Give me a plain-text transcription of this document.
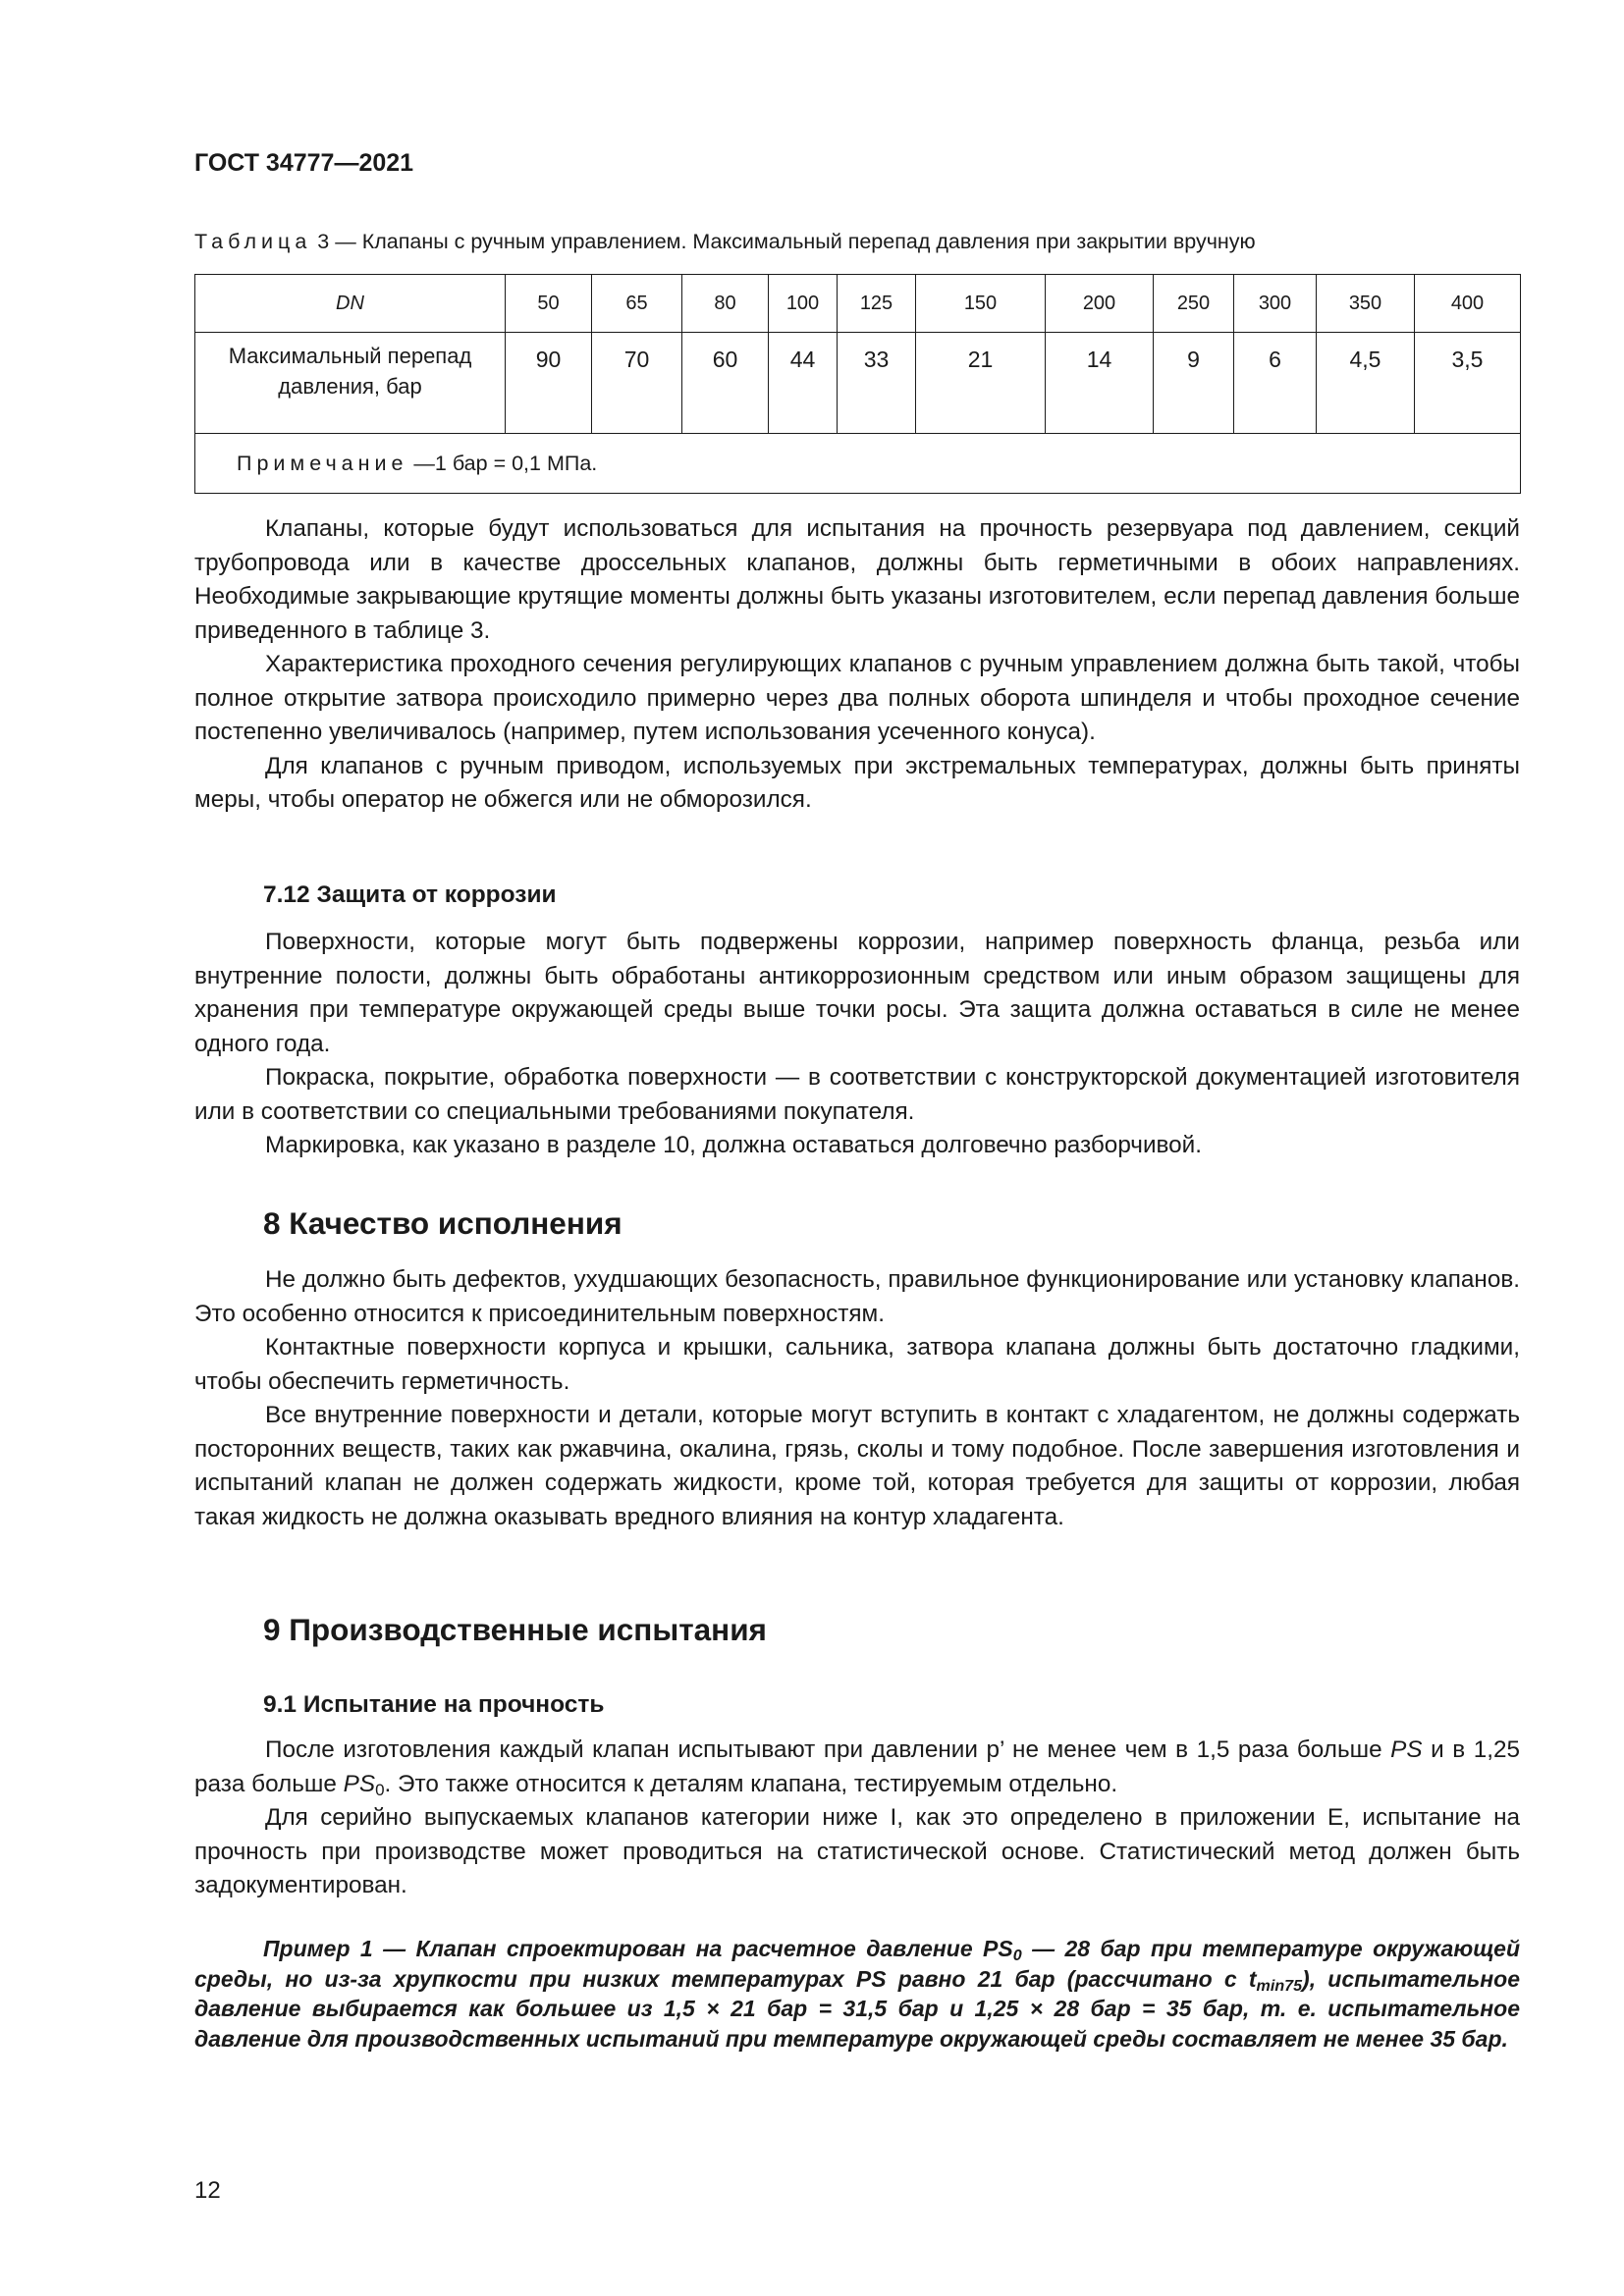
ГОСТ 34777—2021
Таблица 3 — Клапаны с ручным управлением. Максимальный перепад давления при закрытии вручную
DN	50	65	80	100	125	150	200	250	300	350	400
Максимальный перепад
давления, бар	90	70	60	44	33	21	14	9	6	4,5	3,5
Примечание —1 бар = 0,1 МПа.											

Клапаны, которые будут использоваться для испытания на прочность резервуара под давлением, секций трубопровода или в качестве дроссельных клапанов, должны быть герметичными в обоих направлениях. Необходимые закрывающие крутящие моменты должны быть указаны изготовителем, если перепад давления больше приведенного в таблице 3.

Характеристика проходного сечения регулирующих клапанов с ручным управлением должна быть такой, чтобы полное открытие затвора происходило примерно через два полных оборота шпинделя и чтобы проходное сечение постепенно увеличивалось (например, путем использования усеченного конуса).

Для клапанов с ручным приводом, используемых при экстремальных температурах, должны быть приняты меры, чтобы оператор не обжегся или не обморозился.

7.12 Защита от коррозии

Поверхности, которые могут быть подвержены коррозии, например поверхность фланца, резьба или внутренние полости, должны быть обработаны антикоррозионным средством или иным образом защищены для хранения при температуре окружающей среды выше точки росы. Эта защита должна оставаться в силе не менее одного года.

Покраска, покрытие, обработка поверхности — в соответствии с конструкторской документацией изготовителя или в соответствии со специальными требованиями покупателя.

Маркировка, как указано в разделе 10, должна оставаться долговечно разборчивой.

8 Качество исполнения

Не должно быть дефектов, ухудшающих безопасность, правильное функционирование или установку клапанов. Это особенно относится к присоединительным поверхностям.

Контактные поверхности корпуса и крышки, сальника, затвора клапана должны быть достаточно гладкими, чтобы обеспечить герметичность.

Все внутренние поверхности и детали, которые могут вступить в контакт с хладагентом, не должны содержать посторонних веществ, таких как ржавчина, окалина, грязь, сколы и тому подобное. После завершения изготовления и испытаний клапан не должен содержать жидкости, кроме той, которая требуется для защиты от коррозии, любая такая жидкость не должна оказывать вредного влияния на контур хладагента.

9 Производственные испытания
9.1 Испытание на прочность

После изготовления каждый клапан испытывают при давлении p’ не менее чем в 1,5 раза больше PS и в 1,25 раза больше $PS_0$. Это также относится к деталям клапана, тестируемым отдельно.

Для серийно выпускаемых клапанов категории ниже I, как это определено в приложении Е, испытание на прочность при производстве может проводиться на статистической основе. Статистический метод должен быть задокументирован.

Пример 1 — Клапан спроектирован на расчетное давление $PS_0$ — 28 бар при температуре окружающей среды, но из-за хрупкости при низких температурах PS равно 21 бар (рассчитано с $t_{min75}$), испытательное давление выбирается как большее из 1,5 × 21 бар = 31,5 бар и 1,25 × 28 бар = 35 бар, т. е. испытательное давление для производственных испытаний при температуре окружающей среды составляет не менее 35 бар.

12
